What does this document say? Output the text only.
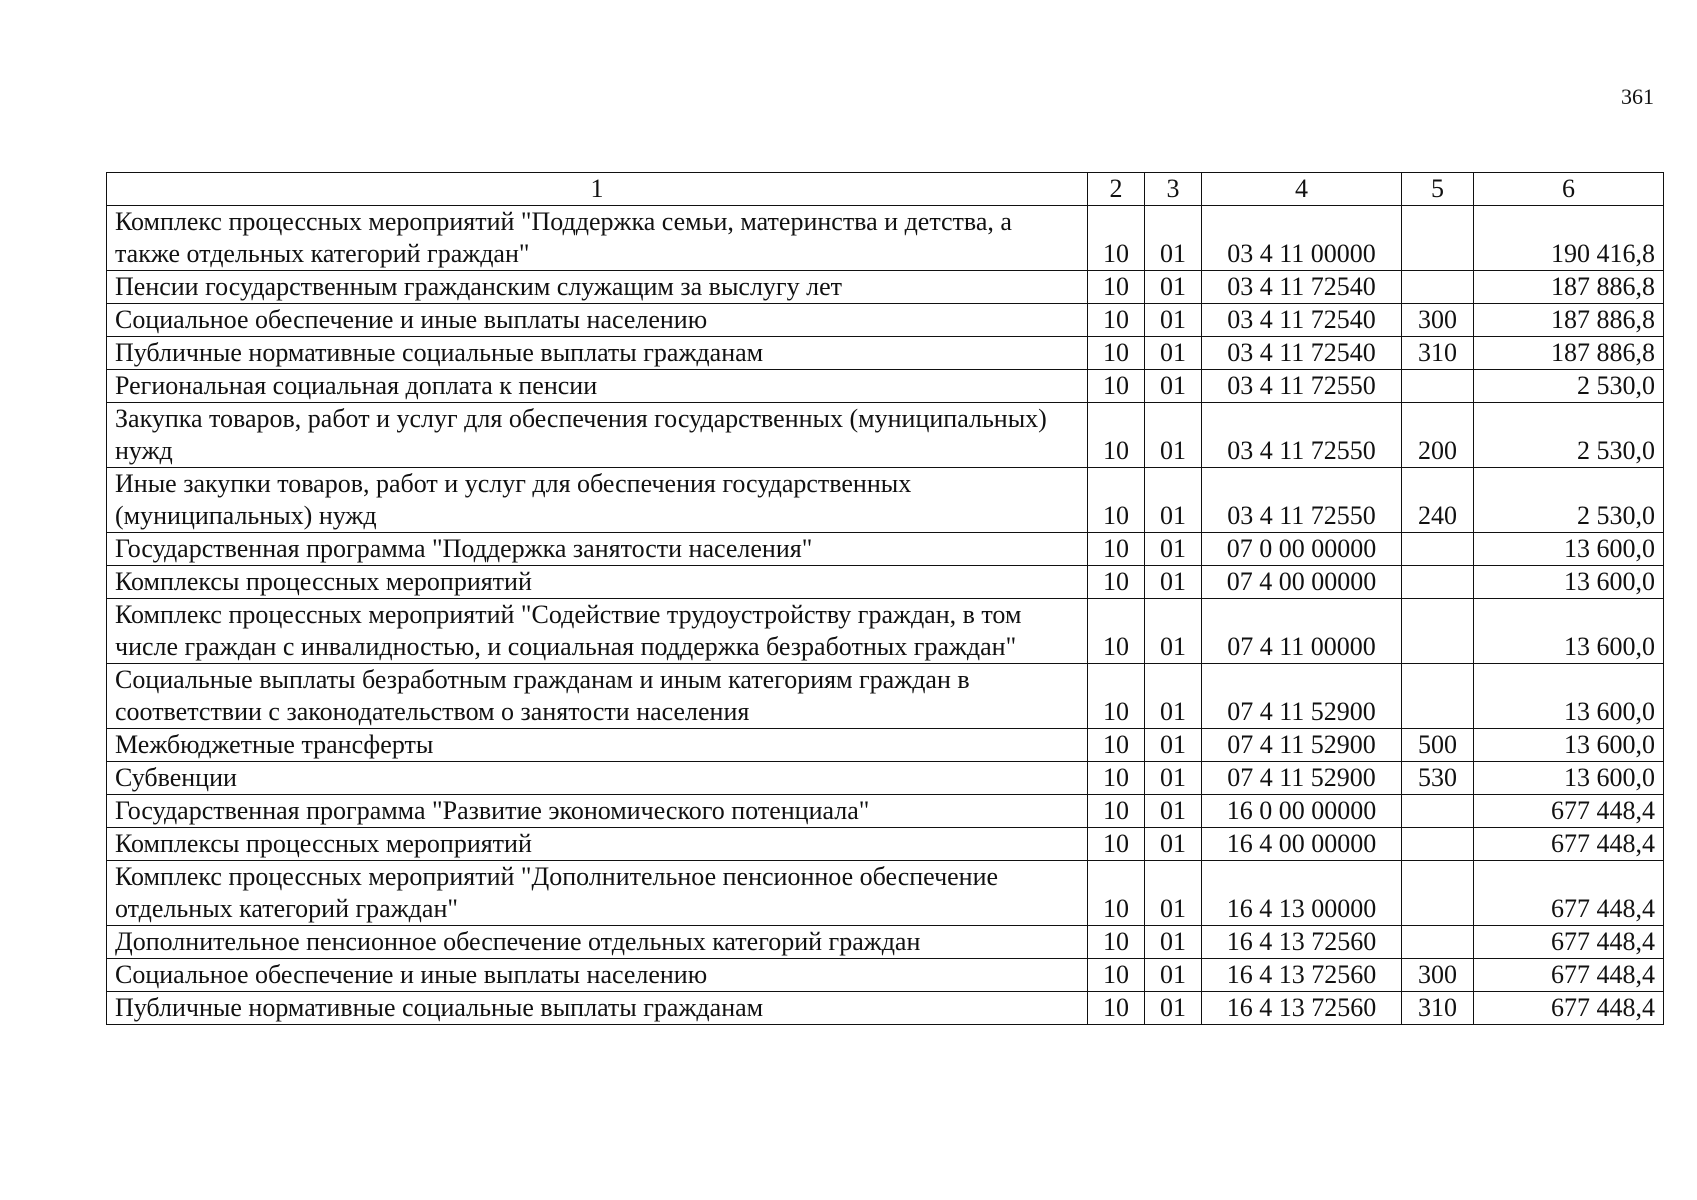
361
1	2	3	4	5	6
Комплекс процессных мероприятий "Поддержка семьи, материнства и детства, а также отдельных категорий граждан"	10	01	03 4 11 00000		190 416,8
Пенсии государственным гражданским служащим за выслугу лет	10	01	03 4 11 72540		187 886,8
Социальное обеспечение и иные выплаты населению	10	01	03 4 11 72540	300	187 886,8
Публичные нормативные социальные выплаты гражданам	10	01	03 4 11 72540	310	187 886,8
Региональная социальная доплата к пенсии	10	01	03 4 11 72550		2 530,0
Закупка товаров, работ и услуг для обеспечения государственных (муниципальных) нужд	10	01	03 4 11 72550	200	2 530,0
Иные закупки товаров, работ и услуг для обеспечения государственных (муниципальных) нужд	10	01	03 4 11 72550	240	2 530,0
Государственная программа "Поддержка занятости населения"	10	01	07 0 00 00000		13 600,0
Комплексы процессных мероприятий	10	01	07 4 00 00000		13 600,0
Комплекс процессных мероприятий "Содействие трудоустройству граждан, в том числе граждан с инвалидностью, и социальная поддержка безработных граждан"	10	01	07 4 11 00000		13 600,0
Социальные выплаты безработным гражданам и иным категориям граждан в соответствии с законодательством о занятости населения	10	01	07 4 11 52900		13 600,0
Межбюджетные трансферты	10	01	07 4 11 52900	500	13 600,0
Субвенции	10	01	07 4 11 52900	530	13 600,0
Государственная программа "Развитие экономического потенциала"	10	01	16 0 00 00000		677 448,4
Комплексы процессных мероприятий	10	01	16 4 00 00000		677 448,4
Комплекс процессных мероприятий "Дополнительное пенсионное обеспечение отдельных категорий граждан"	10	01	16 4 13 00000		677 448,4
Дополнительное пенсионное обеспечение отдельных категорий граждан	10	01	16 4 13 72560		677 448,4
Социальное обеспечение и иные выплаты населению	10	01	16 4 13 72560	300	677 448,4
Публичные нормативные социальные выплаты гражданам	10	01	16 4 13 72560	310	677 448,4
